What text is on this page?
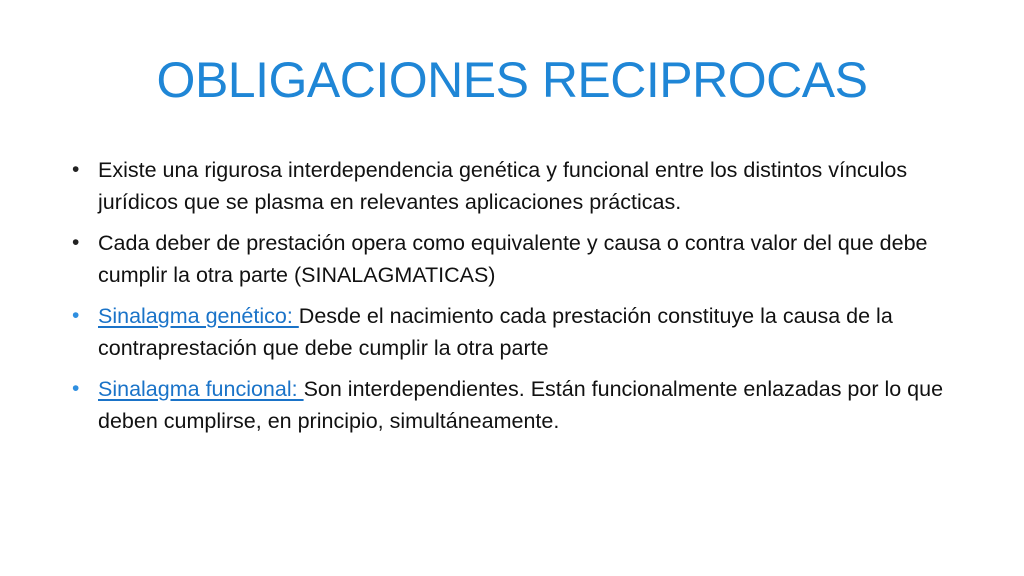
OBLIGACIONES RECIPROCAS
• Existe una rigurosa interdependencia genética y funcional entre los distintos vínculos jurídicos que se plasma en relevantes aplicaciones prácticas.
• Cada deber de prestación opera como equivalente y causa o contra valor del que debe cumplir la otra parte (SINALAGMATICAS)
• Sinalagma genético: Desde el nacimiento cada prestación constituye la causa de la contraprestación que debe cumplir la otra parte
• Sinalagma funcional: Son interdependientes. Están funcionalmente enlazadas por lo que deben cumplirse, en principio, simultáneamente.
